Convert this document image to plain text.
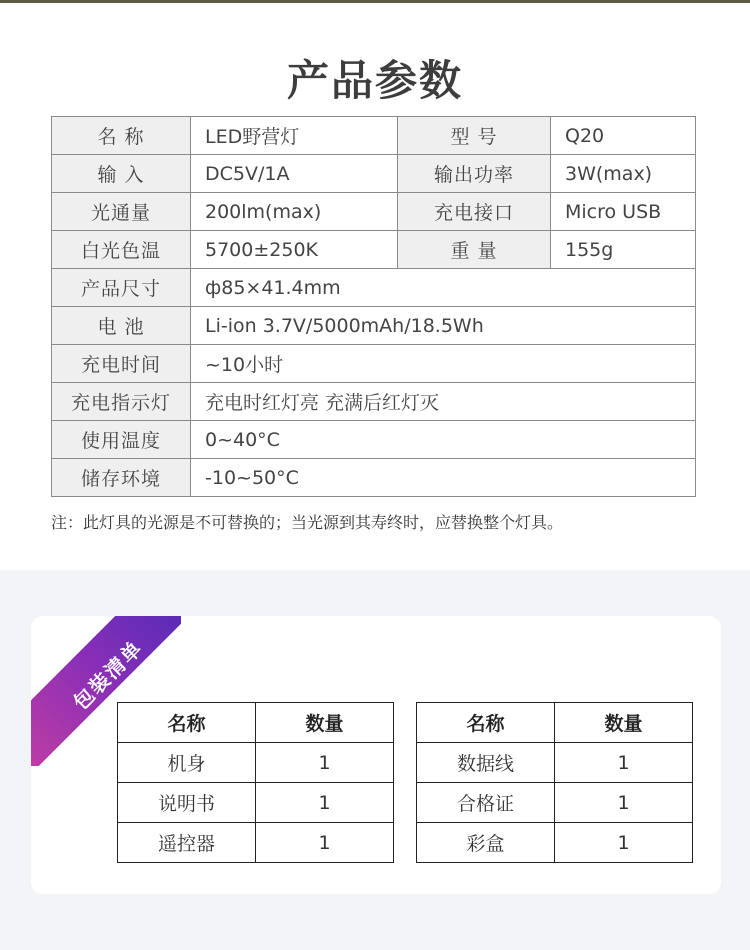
产品参数
名 称	LED野营灯	型 号	Q20
输 入	DC5V/1A	输出功率	3W(max)
光通量	200lm(max)	充电接口	Micro USB
白光色温	5700±250K	重 量	155g
产品尺寸	ф85×41.4mm		
电 池	Li-ion 3.7V/5000mAh/18.5Wh		
充电时间	~10小时		
充电指示灯	充电时红灯亮 充满后红灯灭		
使用温度	0~40°C		
储存环境	-10~50°C		
注：此灯具的光源是不可替换的；当光源到其寿终时，应替换整个灯具。
包装清单
名称	数量
机身	1
说明书	1
遥控器	1
名称	数量
数据线	1
合格证	1
彩盒	1
